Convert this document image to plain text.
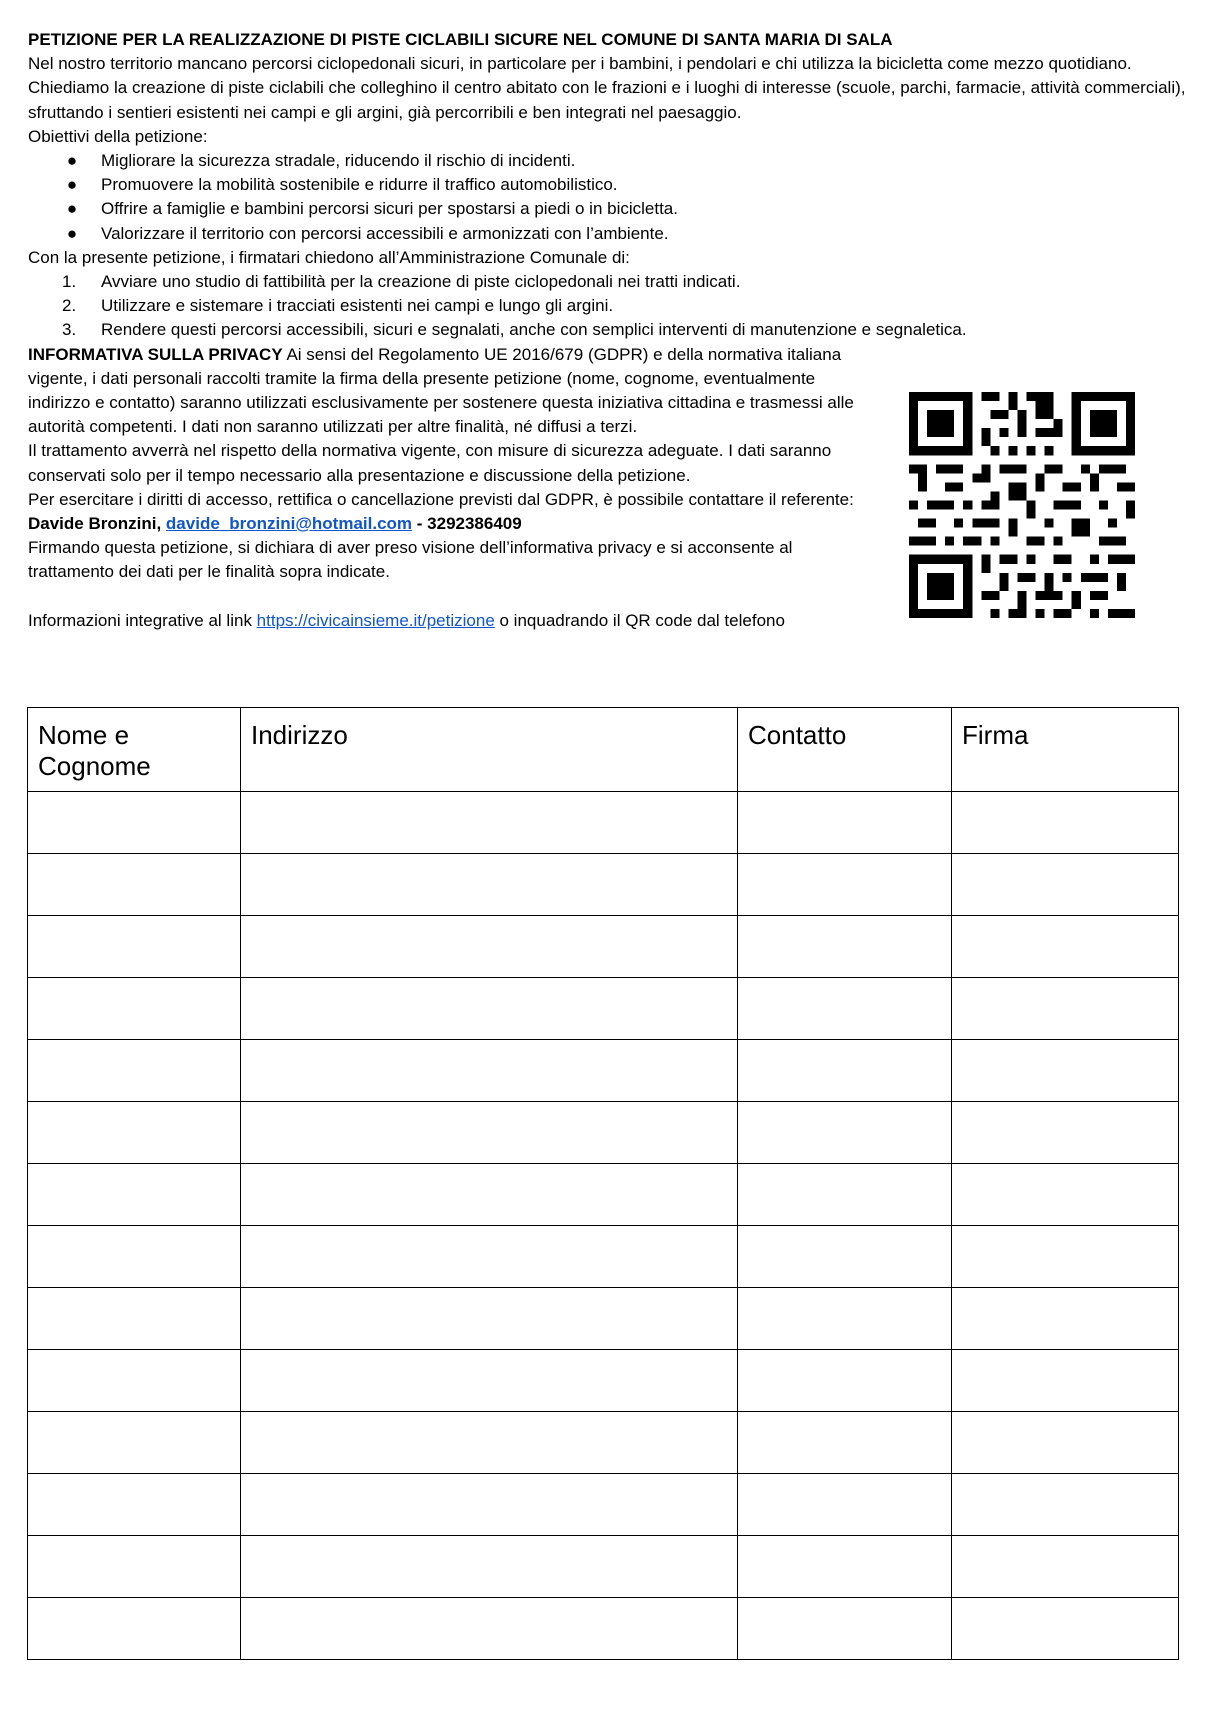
PETIZIONE PER LA REALIZZAZIONE DI PISTE CICLABILI SICURE NEL COMUNE DI SANTA MARIA DI SALA

Nel nostro territorio mancano percorsi ciclopedonali sicuri, in particolare per i bambini, i pendolari e chi utilizza la bicicletta come mezzo quotidiano. Chiediamo la creazione di piste ciclabili che colleghino il centro abitato con le frazioni e i luoghi di interesse (scuole, parchi, farmacie, attività commerciali), sfruttando i sentieri esistenti nei campi e gli argini, già percorribili e ben integrati nel paesaggio.

Obiettivi della petizione:

● Migliorare la sicurezza stradale, riducendo il rischio di incidenti.
● Promuovere la mobilità sostenibile e ridurre il traffico automobilistico.
● Offrire a famiglie e bambini percorsi sicuri per spostarsi a piedi o in bicicletta.
● Valorizzare il territorio con percorsi accessibili e armonizzati con l’ambiente.

Con la presente petizione, i firmatari chiedono all’Amministrazione Comunale di:

1.	Avviare uno studio di fattibilità per la creazione di piste ciclopedonali nei tratti indicati.
2.	Utilizzare e sistemare i tracciati esistenti nei campi e lungo gli argini.
3.	Rendere questi percorsi accessibili, sicuri e segnalati, anche con semplici interventi di manutenzione e segnaletica.

INFORMATIVA SULLA PRIVACY Ai sensi del Regolamento UE 2016/679 (GDPR) e della normativa italiana vigente, i dati personali raccolti tramite la firma della presente petizione (nome, cognome, eventualmente indirizzo e contatto) saranno utilizzati esclusivamente per sostenere questa iniziativa cittadina e trasmessi alle autorità competenti. I dati non saranno utilizzati per altre finalità, né diffusi a terzi.

Il trattamento avverrà nel rispetto della normativa vigente, con misure di sicurezza adeguate. I dati saranno conservati solo per il tempo necessario alla presentazione e discussione della petizione.

Per esercitare i diritti di accesso, rettifica o cancellazione previsti dal GDPR, è possibile contattare il referente:

Davide Bronzini, davide_bronzini@hotmail.com - 3292386409

Firmando questa petizione, si dichiara di aver preso visione dell’informativa privacy e si acconsente al trattamento dei dati per le finalità sopra indicate.

Informazioni integrative al link https://civicainsieme.it/petizione o inquadrando il QR code dal telefono

Nome e Cognome	Indirizzo	Contatto	Firma
